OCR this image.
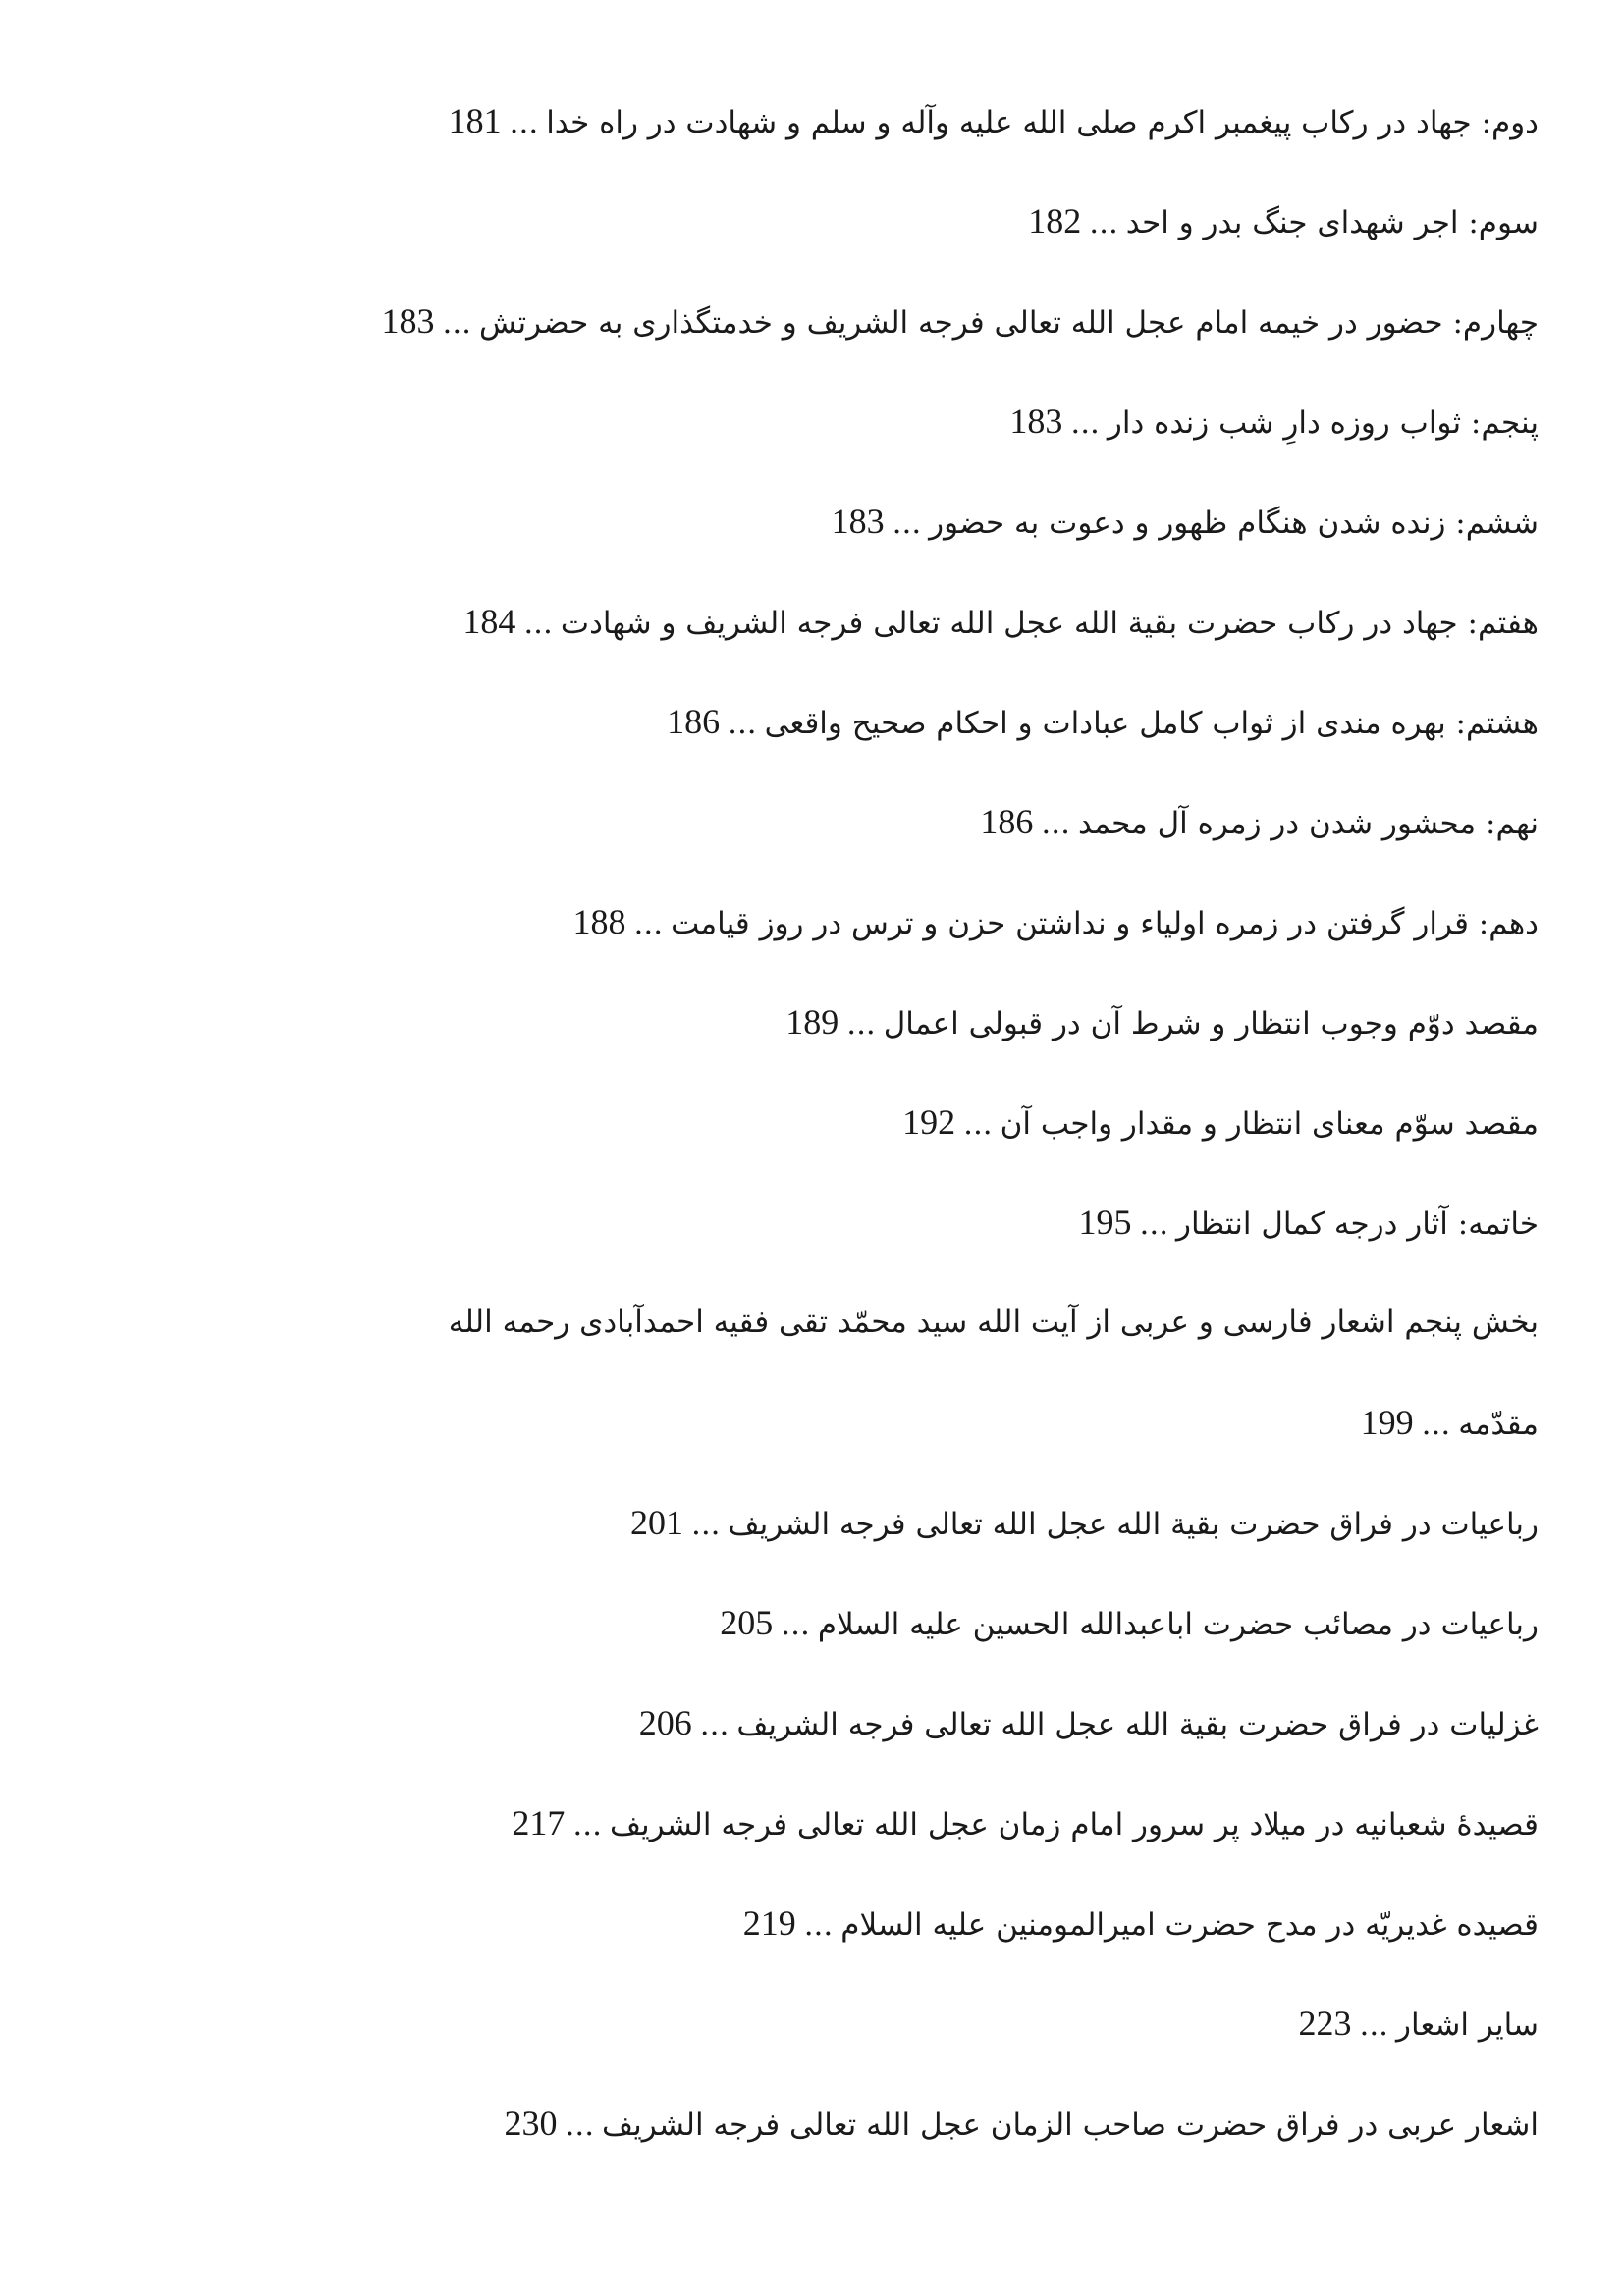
دوم: جهاد در رکاب پیغمبر اکرم صلی الله علیه وآله و سلم و شهادت در راه خدا...181
سوم: اجر شهدای جنگ بدر و احد...182
چهارم: حضور در خیمه امام عجل الله تعالی فرجه الشریف و خدمتگذاری به حضرتش...183
پنجم: ثواب روزه دارِ شب زنده دار...183
ششم: زنده شدن هنگام ظهور و دعوت به حضور...183
هفتم: جهاد در رکاب حضرت بقیة الله عجل الله تعالی فرجه الشریف و شهادت...184
هشتم: بهره مندی از ثواب کامل عبادات و احکام صحیح واقعی...186
نهم: محشور شدن در زمره آل محمد...186
دهم: قرار گرفتن در زمره اولیاء و نداشتن حزن و ترس در روز قیامت...188
مقصد دوّم وجوب انتظار و شرط آن در قبولی اعمال...189
مقصد سوّم معنای انتظار و مقدار واجب آن...192
خاتمه: آثار درجه کمال انتظار...195
بخش پنجم اشعار فارسی و عربی از آیت الله سید محمّد تقی فقیه احمدآبادی رحمه الله
مقدّمه...199
رباعیات در فراق حضرت بقیة الله عجل الله تعالی فرجه الشریف...201
رباعیات در مصائب حضرت اباعبدالله الحسین علیه السلام...205
غزلیات در فراق حضرت بقیة الله عجل الله تعالی فرجه الشریف...206
قصیدهٔ شعبانیه در میلاد پر سرور امام زمان عجل الله تعالی فرجه الشریف...217
قصیده غدیریّه در مدح حضرت امیرالمومنین علیه السلام...219
سایر اشعار...223
اشعار عربی در فراق حضرت صاحب الزمان عجل الله تعالی فرجه الشریف...230
